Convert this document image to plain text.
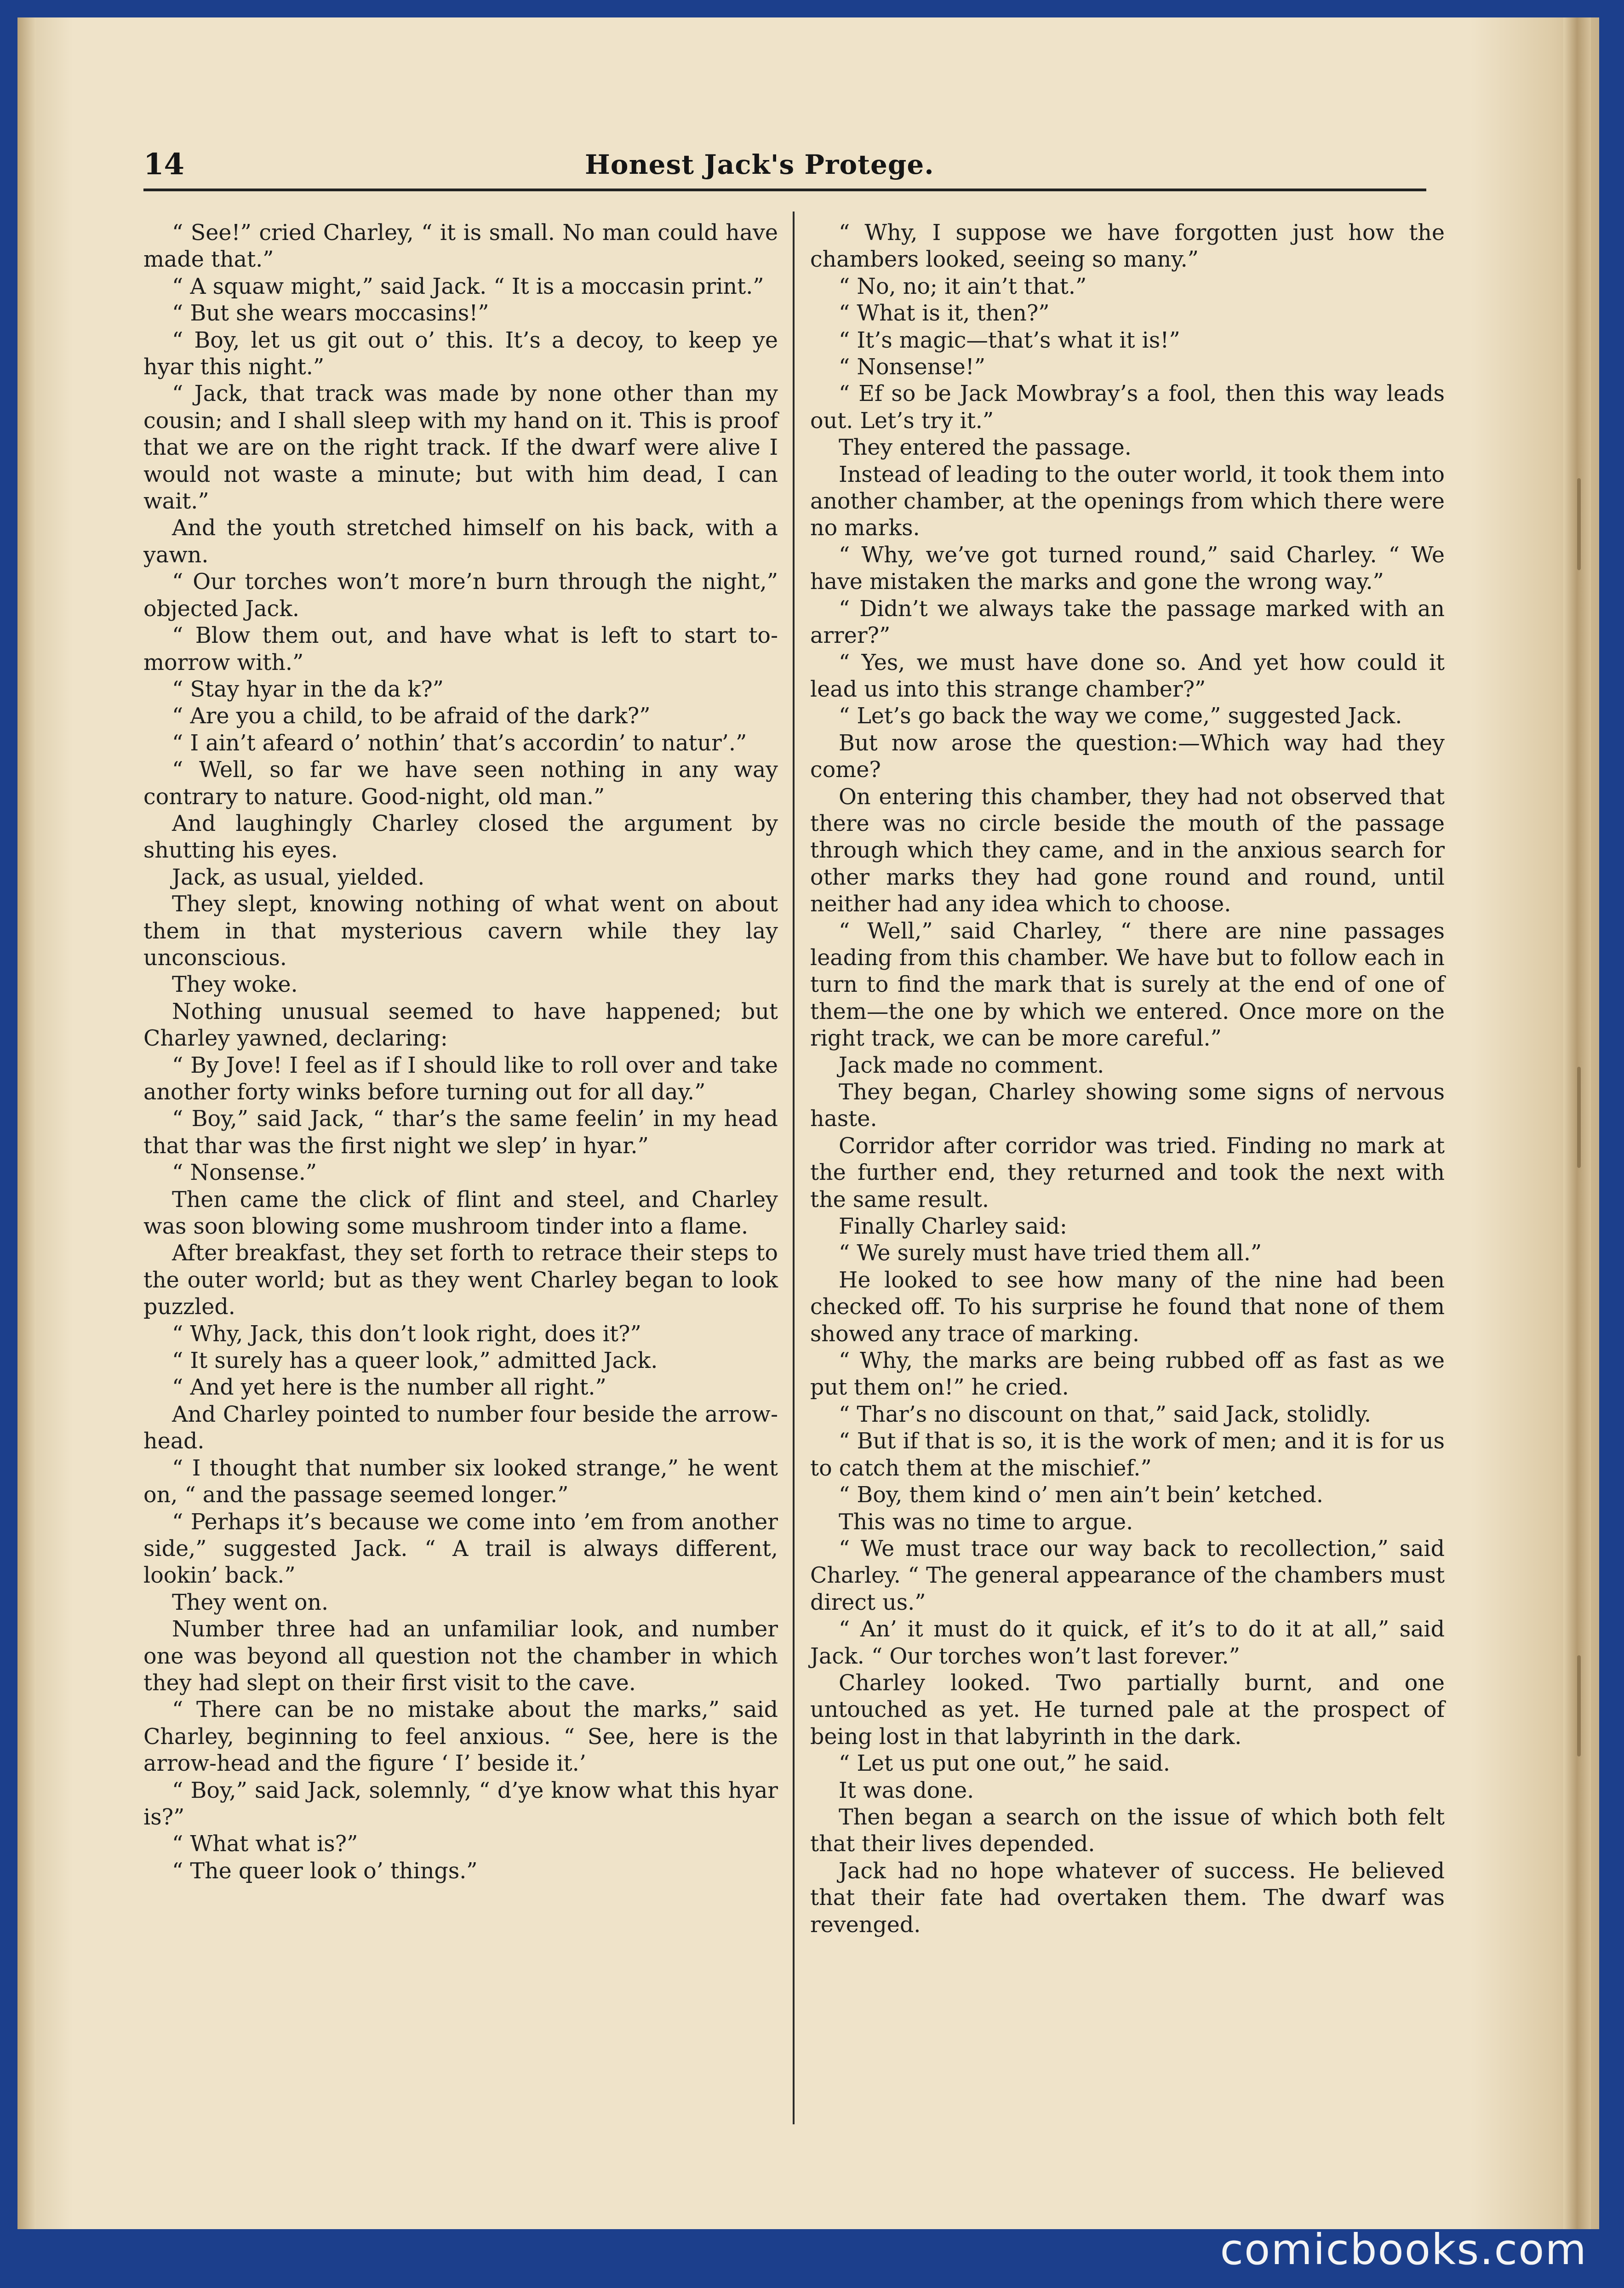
14	Honest Jack's Protege.

“ See!” cried Charley, “ it is small. No man could have made that.”

“ A squaw might,” said Jack. “ It is a moccasin print.”

“ But she wears moccasins!”

“ Boy, let us git out o’ this. It’s a decoy, to keep ye hyar this night.”

“ Jack, that track was made by none other than my cousin; and I shall sleep with my hand on it. This is proof that we are on the right track. If the dwarf were alive I would not waste a minute; but with him dead, I can wait.”

And the youth stretched himself on his back, with a yawn.

“ Our torches won’t more’n burn through the night,” objected Jack.

“ Blow them out, and have what is left to start to-morrow with.”

“ Stay hyar in the da k?”

“ Are you a child, to be afraid of the dark?”

“ I ain’t afeard o’ nothin’ that’s accordin’ to natur’.”

“ Well, so far we have seen nothing in any way contrary to nature. Good-night, old man.”

And laughingly Charley closed the argument by shutting his eyes.

Jack, as usual, yielded.

They slept, knowing nothing of what went on about them in that mysterious cavern while they lay unconscious.

They woke.

Nothing unusual seemed to have happened; but Charley yawned, declaring:

“ By Jove! I feel as if I should like to roll over and take another forty winks before turning out for all day.”

“ Boy,” said Jack, “ thar’s the same feelin’ in my head that thar was the first night we slep’ in hyar.”

“ Nonsense.”

Then came the click of flint and steel, and Charley was soon blowing some mushroom tinder into a flame.

After breakfast, they set forth to retrace their steps to the outer world; but as they went Charley began to look puzzled.

“ Why, Jack, this don’t look right, does it?”

“ It surely has a queer look,” admitted Jack.

“ And yet here is the number all right.”

And Charley pointed to number four beside the arrow-head.

“ I thought that number six looked strange,” he went on, “ and the passage seemed longer.”

“ Perhaps it’s because we come into ’em from another side,” suggested Jack. “ A trail is always different, lookin’ back.”

They went on.

Number three had an unfamiliar look, and number one was beyond all question not the chamber in which they had slept on their first visit to the cave.

“ There can be no mistake about the marks,” said Charley, beginning to feel anxious. “ See, here is the arrow-head and the figure ‘ I’ beside it.’

“ Boy,” said Jack, solemnly, “ d’ye know what this hyar is?”

“ What what is?”

“ The queer look o’ things.”

“ Why, I suppose we have forgotten just how the chambers looked, seeing so many.”

“ No, no; it ain’t that.”

“ What is it, then?”

“ It’s magic—that’s what it is!”

“ Nonsense!”

“ Ef so be Jack Mowbray’s a fool, then this way leads out. Let’s try it.”

They entered the passage.

Instead of leading to the outer world, it took them into another chamber, at the openings from which there were no marks.

“ Why, we’ve got turned round,” said Charley. “ We have mistaken the marks and gone the wrong way.”

“ Didn’t we always take the passage marked with an arrer?”

“ Yes, we must have done so. And yet how could it lead us into this strange chamber?”

“ Let’s go back the way we come,” suggested Jack.

But now arose the question:—Which way had they come?

On entering this chamber, they had not observed that there was no circle beside the mouth of the passage through which they came, and in the anxious search for other marks they had gone round and round, until neither had any idea which to choose.

“ Well,” said Charley, “ there are nine passages leading from this chamber. We have but to follow each in turn to find the mark that is surely at the end of one of them—the one by which we entered. Once more on the right track, we can be more careful.”

Jack made no comment.

They began, Charley showing some signs of nervous haste.

Corridor after corridor was tried. Finding no mark at the further end, they returned and took the next with the same result.

Finally Charley said:

“ We surely must have tried them all.”

He looked to see how many of the nine had been checked off. To his surprise he found that none of them showed any trace of marking.

“ Why, the marks are being rubbed off as fast as we put them on!” he cried.

“ Thar’s no discount on that,” said Jack, stolidly.

“ But if that is so, it is the work of men; and it is for us to catch them at the mischief.”

“ Boy, them kind o’ men ain’t bein’ ketched.

This was no time to argue.

“ We must trace our way back to recollection,” said Charley. “ The general appearance of the chambers must direct us.”

“ An’ it must do it quick, ef it’s to do it at all,” said Jack. “ Our torches won’t last forever.”

Charley looked. Two partially burnt, and one untouched as yet. He turned pale at the prospect of being lost in that labyrinth in the dark.

“ Let us put one out,” he said.

It was done.

Then began a search on the issue of which both felt that their lives depended.

Jack had no hope whatever of success. He believed that their fate had overtaken them. The dwarf was revenged.

comicbooks.com
